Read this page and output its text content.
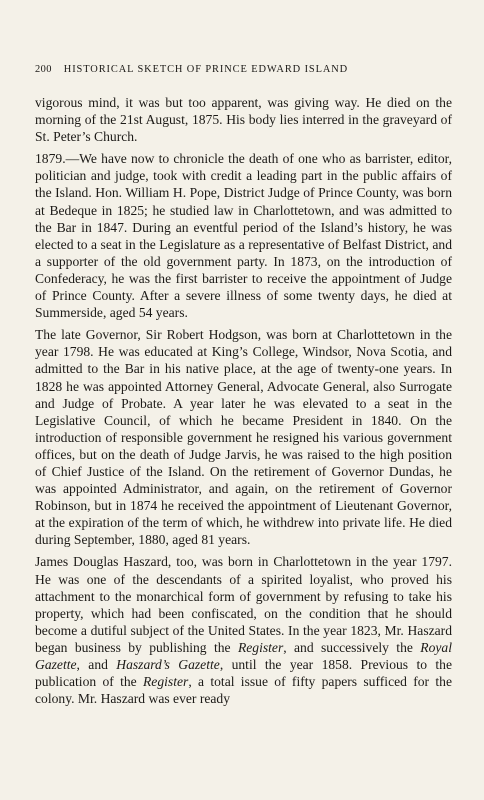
200 HISTORICAL SKETCH OF PRINCE EDWARD ISLAND

vigorous mind, it was but too apparent, was giving way. He died on the morning of the 21st August, 1875. His body lies interred in the graveyard of St. Peter’s Church.

1879.—We have now to chronicle the death of one who as barrister, editor, politician and judge, took with credit a leading part in the public affairs of the Island. Hon. William H. Pope, District Judge of Prince County, was born at Bedeque in 1825; he studied law in Charlottetown, and was admitted to the Bar in 1847. During an eventful period of the Island’s history, he was elected to a seat in the Legislature as a representative of Belfast District, and a supporter of the old government party. In 1873, on the introduction of Confederacy, he was the first barrister to receive the appointment of Judge of Prince County. After a severe illness of some twenty days, he died at Summerside, aged 54 years.

The late Governor, Sir Robert Hodgson, was born at Charlottetown in the year 1798. He was educated at King’s College, Windsor, Nova Scotia, and admitted to the Bar in his native place, at the age of twenty-one years. In 1828 he was appointed Attorney General, Advocate General, also Surrogate and Judge of Probate. A year later he was elevated to a seat in the Legislative Council, of which he became President in 1840. On the introduction of responsible government he resigned his various government offices, but on the death of Judge Jarvis, he was raised to the high position of Chief Justice of the Island. On the retirement of Governor Dundas, he was appointed Administrator, and again, on the retirement of Governor Robinson, but in 1874 he received the appointment of Lieutenant Governor, at the expiration of the term of which, he withdrew into private life. He died during September, 1880, aged 81 years.

James Douglas Haszard, too, was born in Charlottetown in the year 1797. He was one of the descendants of a spirited loyalist, who proved his attachment to the monarchical form of government by refusing to take his property, which had been confiscated, on the condition that he should become a dutiful subject of the United States. In the year 1823, Mr. Haszard began business by publishing the Register, and successively the Royal Gazette, and Haszard’s Gazette, until the year 1858. Previous to the publication of the Register, a total issue of fifty papers sufficed for the colony. Mr. Haszard was ever ready
